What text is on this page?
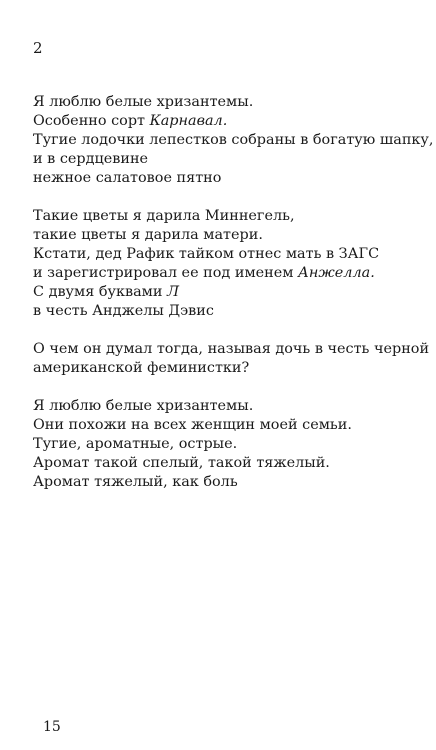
2
Я люблю белые хризантемы.
Особенно сорт Карнавал.
Тугие лодочки лепестков собраны в богатую шапку,
и в сердцевине
нежное салатовое пятно
Такие цветы я дарила Миннегель,
такие цветы я дарила матери.
Кстати, дед Рафик тайком отнес мать в ЗАГС
и зарегистрировал ее под именем Анжелла.
С двумя буквами Л
в честь Анджелы Дэвис
О чем он думал тогда, называя дочь в честь черной
американской феминистки?
Я люблю белые хризантемы.
Они похожи на всех женщин моей семьи.
Тугие, ароматные, острые.
Аромат такой спелый, такой тяжелый.
Аромат тяжелый, как боль
15
